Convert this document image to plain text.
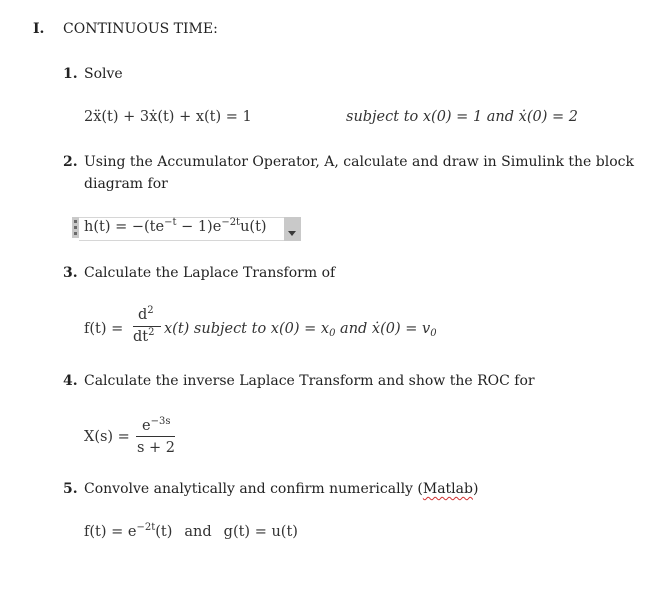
I. CONTINUOUS TIME:
1. Solve
2ẍ(t) + 3ẋ(t) + x(t) = 1	subject to x(0) = 1 and ẋ(0) = 2
2. Using the Accumulator Operator, A, calculate and draw in Simulink the block
diagram for
$h(t) = -(te^{-t} - 1)e^{-2t}u(t)$
3. Calculate the Laplace Transform of
f(t) =
$d^2$
$dt^2$ x(t) subject to $x(0) = x_0$ and ẋ(0) = $v_0$
4. Calculate the inverse Laplace Transform and show the ROC for
X(s) =
$e^{-3s}$
s + 2
5. Convolve analytically and confirm numerically (Matlab)
$f(t) = e^{-2t}(t)$ and g(t) = u(t)
